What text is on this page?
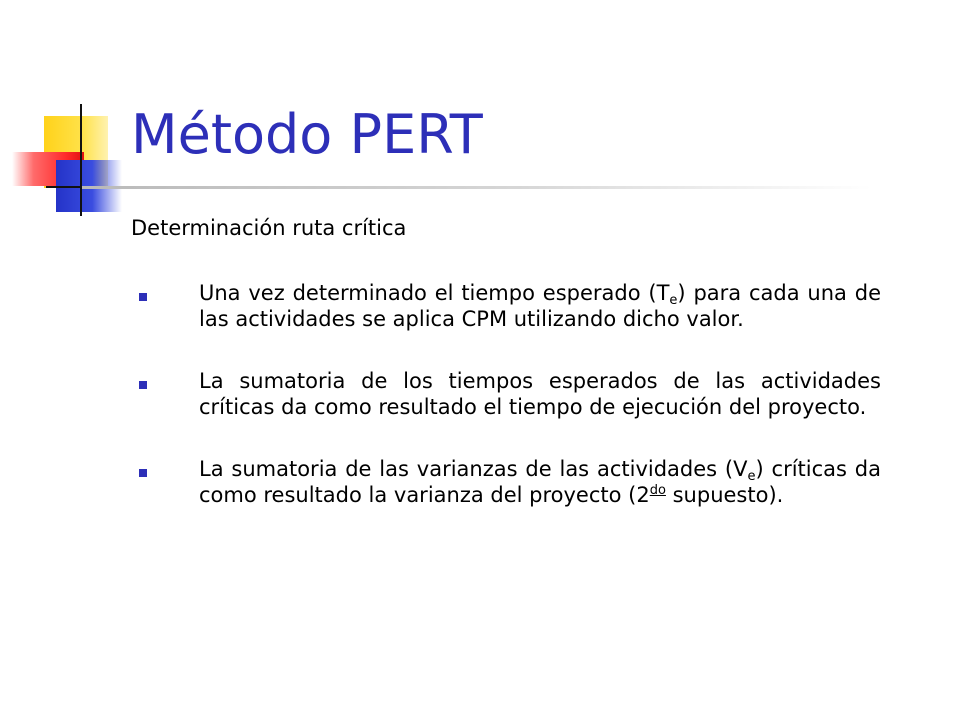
Método PERT
Determinación ruta crítica
Una vez determinado el tiempo esperado $(T_e)$ para cada una de las actividades se aplica CPM utilizando dicho valor.
La sumatoria de los tiempos esperados de las actividades críticas da como resultado el tiempo de ejecución del proyecto.
La sumatoria de las varianzas de las actividades $(V_e)$ críticas da como resultado la varianza del proyecto ($2^{do}$ supuesto).
